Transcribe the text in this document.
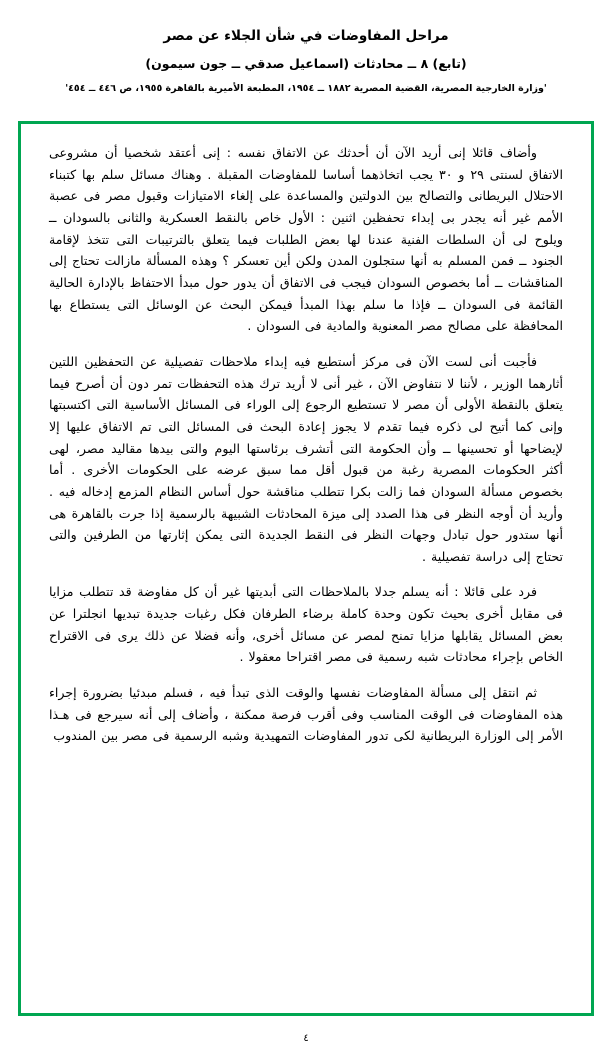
مراحل المفاوضات في شأن الجلاء عن مصر
(تابع) ٨ ــ محادثات (اسماعيل صدقي ــ جون سيمون)
'وزارة الخارجية المصرية، القضية المصرية ١٨٨٢ ــ ١٩٥٤، المطبعة الأميرية بالقاهرة ١٩٥٥، ص ٤٤٦ ــ ٤٥٤'

وأضاف قائلا إنى أريد الآن أن أحدثك عن الاتفاق نفسه : إنى أعتقد شخصيا أن مشروعى الاتفاق لسنتى ٢٩ و ٣٠ يجب اتخاذهما أساسا للمفاوضات المقبلة . وهناك مسائل سلم بها كتبناء الاحتلال البريطانى والتصالح بين الدولتين والمساعدة على إلغاء الامتيازات وقبول مصر فى عصبة الأمم غير أنه يجدر بى إبداء تحفظين اثنين : الأول خاص بالنقط العسكرية والثانى بالسودان ــ ويلوح لى أن السلطات الفنية عندنا لها بعض الطلبات فيما يتعلق بالترتيبات التى تتخذ لإقامة الجنود ــ فمن المسلم به أنها ستجلون المدن ولكن أين تعسكر ؟ وهذه المسألة مازالت تحتاج إلى المناقشات ــ أما بخصوص السودان فيجب فى الاتفاق أن يدور حول مبدأ الاحتفاظ بالإدارة الحالية القائمة فى السودان ــ فإذا ما سلم بهذا المبدأ فيمكن البحث عن الوسائل التى يستطاع بها المحافظة على مصالح مصر المعنوية والمادية فى السودان .

فأجبت أنى لست الآن فى مركز أستطيع فيه إبداء ملاحظات تفصيلية عن التحفظين اللتين أثارهما الوزير ، لأننا لا نتفاوض الآن ، غير أنى لا أريد ترك هذه التحفظات تمر دون أن أصرح فيما يتعلق بالنقطة الأولى أن مصر لا تستطيع الرجوع إلى الوراء فى المسائل الأساسية التى اكتسبتها وإنى كما أتيح لى ذكره فيما تقدم لا يجوز إعادة البحث فى المسائل التى تم الاتفاق عليها إلا لإيضاحها أو تحسينها ــ وأن الحكومة التى أتشرف برئاستها اليوم والتى بيدها مقاليد مصر، لهى أكثر الحكومات المصرية رغبة من قبول أقل مما سبق عرضه على الحكومات الأخرى . أما بخصوص مسألة السودان فما زالت بكرا تتطلب مناقشة حول أساس النظام المزمع إدخاله فيه . وأريد أن أوجه النظر فى هذا الصدد إلى ميزة المحادثات الشبيهة بالرسمية إذا جرت بالقاهرة هى أنها ستدور حول تبادل وجهات النظر فى النقط الجديدة التى يمكن إثارتها من الطرفين والتى تحتاج إلى دراسة تفصيلية .

فرد على قائلا : أنه يسلم جدلا بالملاحظات التى أبديتها غير أن كل مفاوضة قد تتطلب مزايا فى مقابل أخرى بحيث تكون وحدة كاملة برضاء الطرفان فكل رغبات جديدة تبديها انجلترا عن بعض المسائل يقابلها مزايا تمنح لمصر عن مسائل أخرى، وأنه فضلا عن ذلك يرى فى الاقتراح الخاص بإجراء محادثات شبه رسمية فى مصر اقتراحا معقولا .

ثم انتقل إلى مسألة المفاوضات نفسها والوقت الذى تبدأ فيه ، فسلم مبدئيا بضرورة إجراء هذه المفاوضات فى الوقت المناسب وفى أقرب فرصة ممكنة ، وأضاف إلى أنه سيرجع فى هـذا الأمر إلى الوزارة البريطانية لكى تدور المفاوضات التمهيدية وشبه الرسمية فى مصر بين المندوب

٤
